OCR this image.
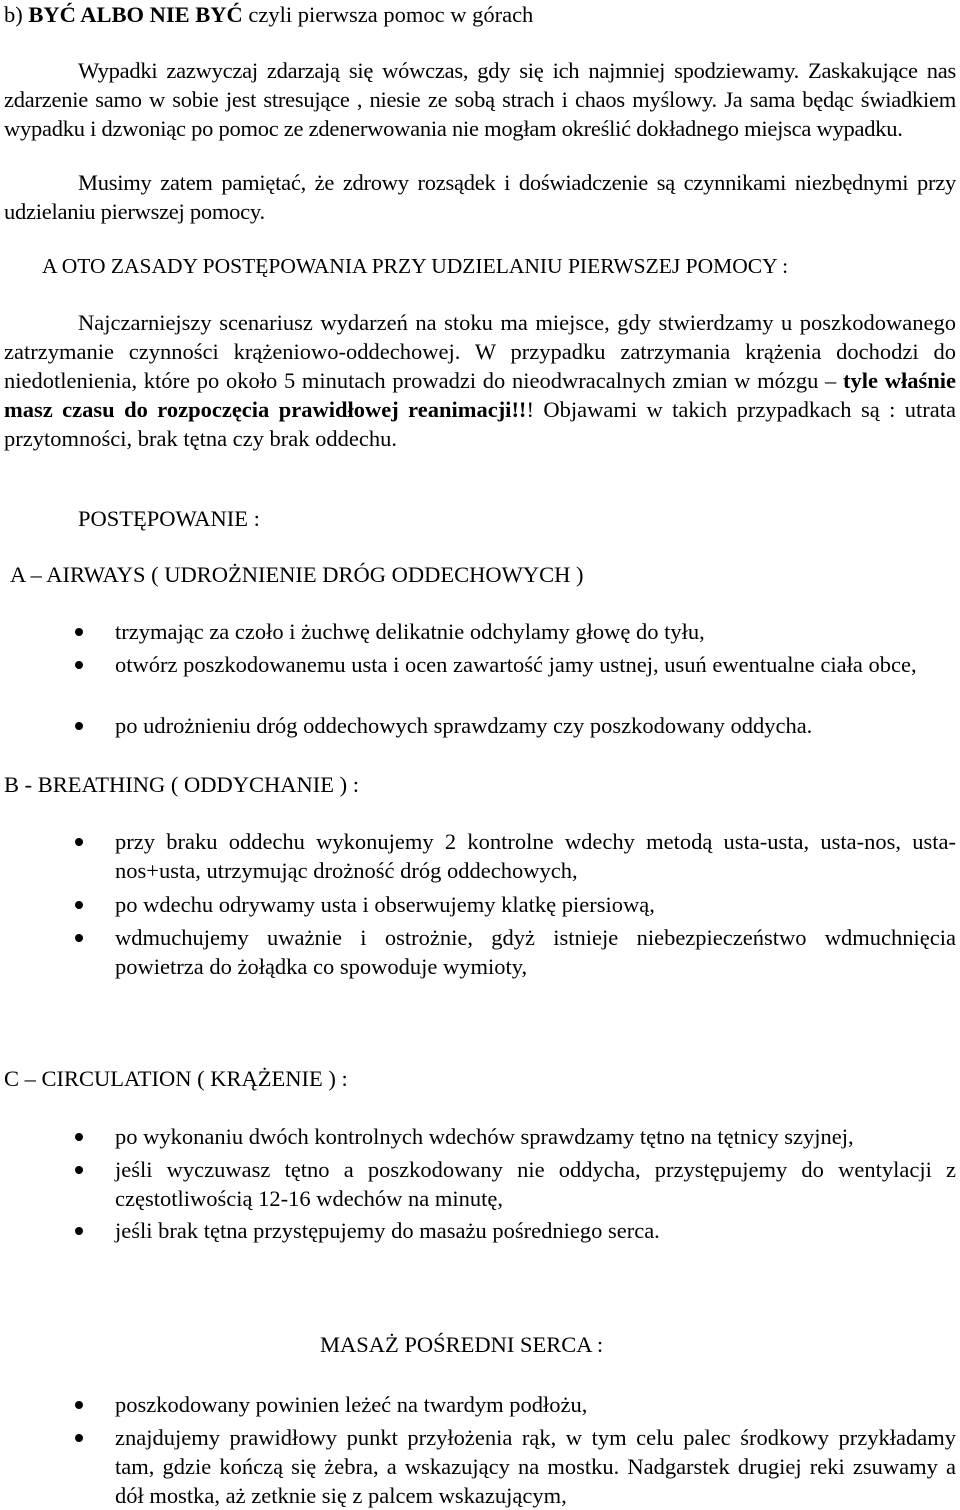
b) BYĆ ALBO NIE BYĆ czyli pierwsza pomoc w górach

Wypadki zazwyczaj zdarzają się wówczas, gdy się ich najmniej spodziewamy. Zaskakujące nas zdarzenie samo w sobie jest stresujące , niesie ze sobą strach i chaos myślowy. Ja sama będąc świadkiem wypadku i dzwoniąc po pomoc ze zdenerwowania nie mogłam określić dokładnego miejsca wypadku.

Musimy zatem pamiętać, że zdrowy rozsądek i doświadczenie są czynnikami niezbędnymi przy udzielaniu pierwszej pomocy.

A OTO ZASADY POSTĘPOWANIA PRZY UDZIELANIU PIERWSZEJ POMOCY :

Najczarniejszy scenariusz wydarzeń na stoku ma miejsce, gdy stwierdzamy u poszkodowanego zatrzymanie czynności krążeniowo-oddechowej. W przypadku zatrzymania krążenia dochodzi do niedotlenienia, które po około 5 minutach prowadzi do nieodwracalnych zmian w mózgu – tyle właśnie masz czasu do rozpoczęcia prawidłowej reanimacji!!! Objawami w takich przypadkach są : utrata przytomności, brak tętna czy brak oddechu.

POSTĘPOWANIE :
A – AIRWAYS ( UDROŻNIENIE DRÓG ODDECHOWYCH )
trzymając za czoło i żuchwę delikatnie odchylamy głowę do tyłu,
otwórz poszkodowanemu usta i ocen zawartość jamy ustnej, usuń ewentualne ciała obce,
po udrożnieniu dróg oddechowych sprawdzamy czy poszkodowany oddycha.
B - BREATHING ( ODDYCHANIE ) :
przy braku oddechu wykonujemy 2 kontrolne wdechy metodą usta-usta, usta-nos, usta-nos+usta, utrzymując drożność dróg oddechowych,
po wdechu odrywamy usta i obserwujemy klatkę piersiową,
wdmuchujemy uważnie i ostrożnie, gdyż istnieje niebezpieczeństwo wdmuchnięcia powietrza do żołądka co spowoduje wymioty,
C – CIRCULATION ( KRĄŻENIE ) :
po wykonaniu dwóch kontrolnych wdechów sprawdzamy tętno na tętnicy szyjnej,
jeśli wyczuwasz tętno a poszkodowany nie oddycha, przystępujemy do wentylacji z częstotliwością 12-16 wdechów na minutę,
jeśli brak tętna przystępujemy do masażu pośredniego serca.
MASAŻ POŚREDNI SERCA :
poszkodowany powinien leżeć na twardym podłożu,
znajdujemy prawidłowy punkt przyłożenia rąk, w tym celu palec środkowy przykładamy tam, gdzie kończą się żebra, a wskazujący na mostku. Nadgarstek drugiej reki zsuwamy a dół mostka, aż zetknie się z palcem wskazującym,
